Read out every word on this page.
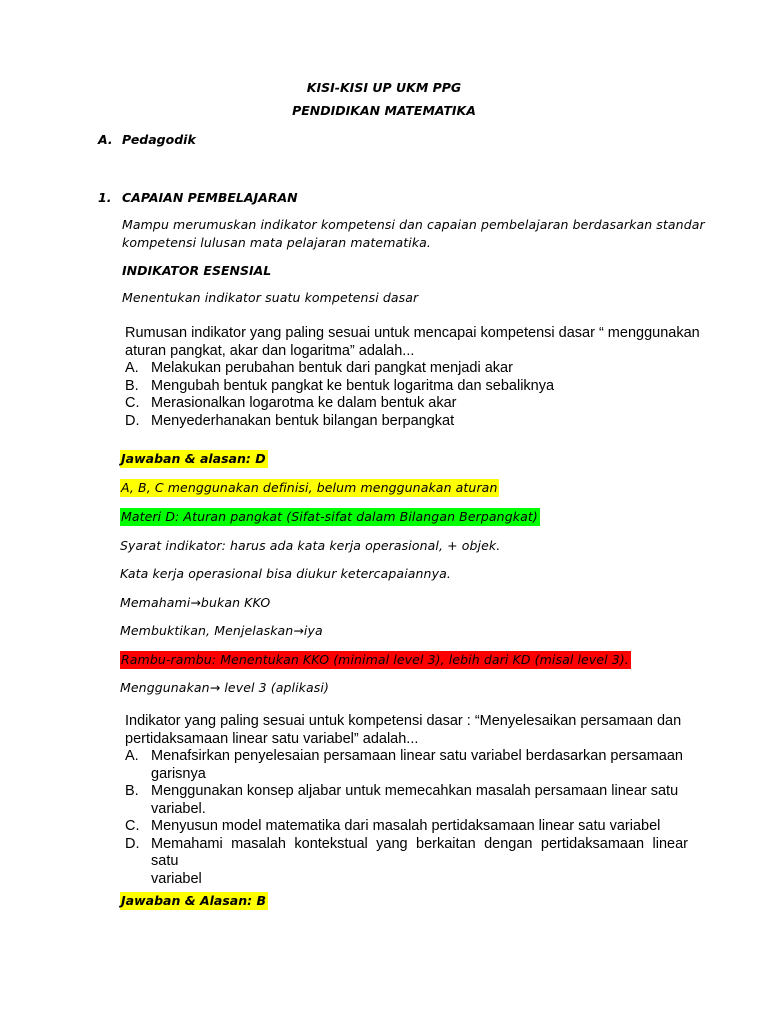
KISI-KISI UP UKM PPG
PENDIDIKAN MATEMATIKA
A. Pedagodik
1. CAPAIAN PEMBELAJARAN
Mampu merumuskan indikator kompetensi dan capaian pembelajaran berdasarkan standar
kompetensi lulusan mata pelajaran matematika.
INDIKATOR ESENSIAL
Menentukan indikator suatu kompetensi dasar
Rumusan indikator yang paling sesuai untuk mencapai kompetensi dasar “ menggunakan
aturan pangkat, akar dan logaritma” adalah...
A. Melakukan perubahan bentuk dari pangkat menjadi akar
B. Mengubah bentuk pangkat ke bentuk logaritma dan sebaliknya
C. Merasionalkan logarotma ke dalam bentuk akar
D. Menyederhanakan bentuk bilangan berpangkat
Jawaban & alasan: D
A, B, C menggunakan definisi, belum menggunakan aturan
Materi D: Aturan pangkat (Sifat-sifat dalam Bilangan Berpangkat)
Syarat indikator: harus ada kata kerja operasional, + objek.
Kata kerja operasional bisa diukur ketercapaiannya.
Memahami→bukan KKO
Membuktikan, Menjelaskan→iya
Rambu-rambu: Menentukan KKO (minimal level 3), lebih dari KD (misal level 3).
Menggunakan→ level 3 (aplikasi)
Indikator yang paling sesuai untuk kompetensi dasar : “Menyelesaikan persamaan dan
pertidaksamaan linear satu variabel” adalah...
A. Menafsirkan penyelesaian persamaan linear satu variabel berdasarkan persamaan
garisnya
B. Menggunakan konsep aljabar untuk memecahkan masalah persamaan linear satu
variabel.
C. Menyusun model matematika dari masalah pertidaksamaan linear satu variabel
D. Memahami masalah kontekstual yang berkaitan dengan pertidaksamaan linear satu
variabel
Jawaban & Alasan: B
